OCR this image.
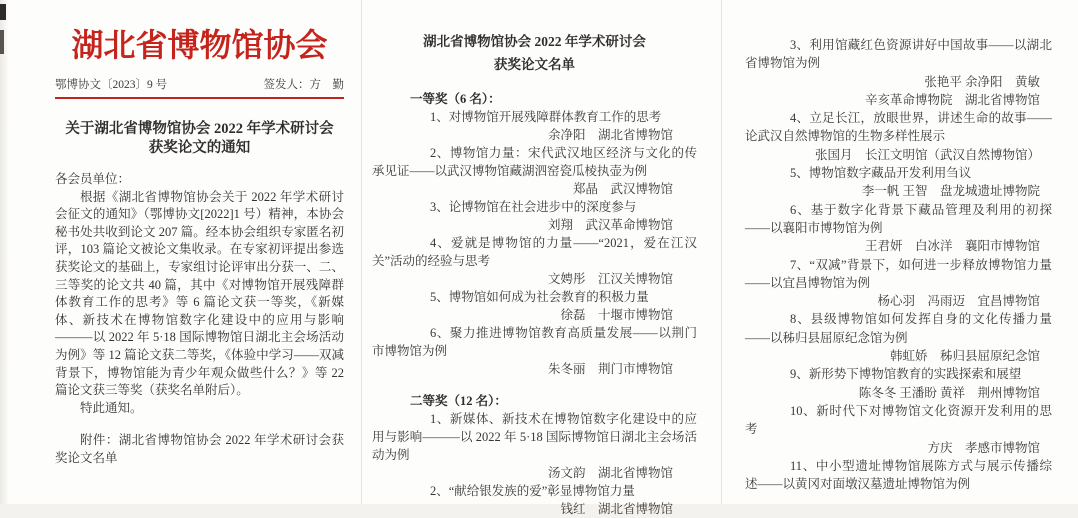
湖北省博物馆协会
鄂博协文〔2023〕9 号	签发人：方　勤
关于湖北省博物馆协会 2022 年学术研讨会
获奖论文的通知

各会员单位：

根据《湖北省博物馆协会关于 2022 年学术研讨会征文的通知》（鄂博协文[2022]1 号）精神，本协会秘书处共收到论文 207 篇。经本协会组织专家匿名初评，103 篇论文被论文集收录。在专家初评提出参选获奖论文的基础上，专家组讨论评审出分获一、二、三等奖的论文共 40 篇，其中《对博物馆开展残障群体教育工作的思考》等 6 篇论文获一等奖，《新媒体、新技术在博物馆数字化建设中的应用与影响———以 2022 年 5·18 国际博物馆日湖北主会场活动为例》等 12 篇论文获二等奖，《体验中学习——双减背景下，博物馆能为青少年观众做些什么？》等 22 篇论文获三等奖（获奖名单附后）。

特此通知。

附件：湖北省博物馆协会 2022 年学术研讨会获奖论文名单

湖北省博物馆协会 2022 年学术研讨会
获奖论文名单
一等奖（6 名）：

1、对博物馆开展残障群体教育工作的思考

余净阳　湖北省博物馆

2、博物馆力量：宋代武汉地区经济与文化的传承见证——以武汉博物馆藏湖泗窑瓷瓜棱执壶为例

郑晶　武汉博物馆

3、论博物馆在社会进步中的深度参与

刘翔　武汉革命博物馆

4、爱就是博物馆的力量——“2021，爱在江汉关”活动的经验与思考

文娉彤　江汉关博物馆

5、博物馆如何成为社会教育的积极力量

徐磊　十堰市博物馆

6、聚力推进博物馆教育高质量发展——以荆门市博物馆为例

朱冬丽　荆门市博物馆

二等奖（12 名）：

1、新媒体、新技术在博物馆数字化建设中的应用与影响———以 2022 年 5·18 国际博物馆日湖北主会场活动为例

汤文韵　湖北省博物馆

2、“献给银发族的爱”彰显博物馆力量

钱红　湖北省博物馆

3、利用馆藏红色资源讲好中国故事——以湖北省博物馆为例

张艳平 余净阳　黄敏

辛亥革命博物院　湖北省博物馆

4、立足长江，放眼世界，讲述生命的故事——论武汉自然博物馆的生物多样性展示

张国月　长江文明馆（武汉自然博物馆）

5、博物馆数字藏品开发利用刍议

李一帆 王智　盘龙城遗址博物院

6、基于数字化背景下藏品管理及利用的初探——以襄阳市博物馆为例

王君妍　白冰洋　襄阳市博物馆

7、“双减”背景下，如何进一步释放博物馆力量——以宜昌博物馆为例

杨心羽　冯雨迈　宜昌博物馆

8、县级博物馆如何发挥自身的文化传播力量——以秭归县屈原纪念馆为例

韩虹娇　秭归县屈原纪念馆

9、新形势下博物馆教育的实践探索和展望

陈冬冬 王潘盼 黄祥　荆州博物馆

10、新时代下对博物馆文化资源开发利用的思考

方庆　孝感市博物馆

11、中小型遗址博物馆展陈方式与展示传播综述——以黄冈对面墩汉墓遗址博物馆为例
